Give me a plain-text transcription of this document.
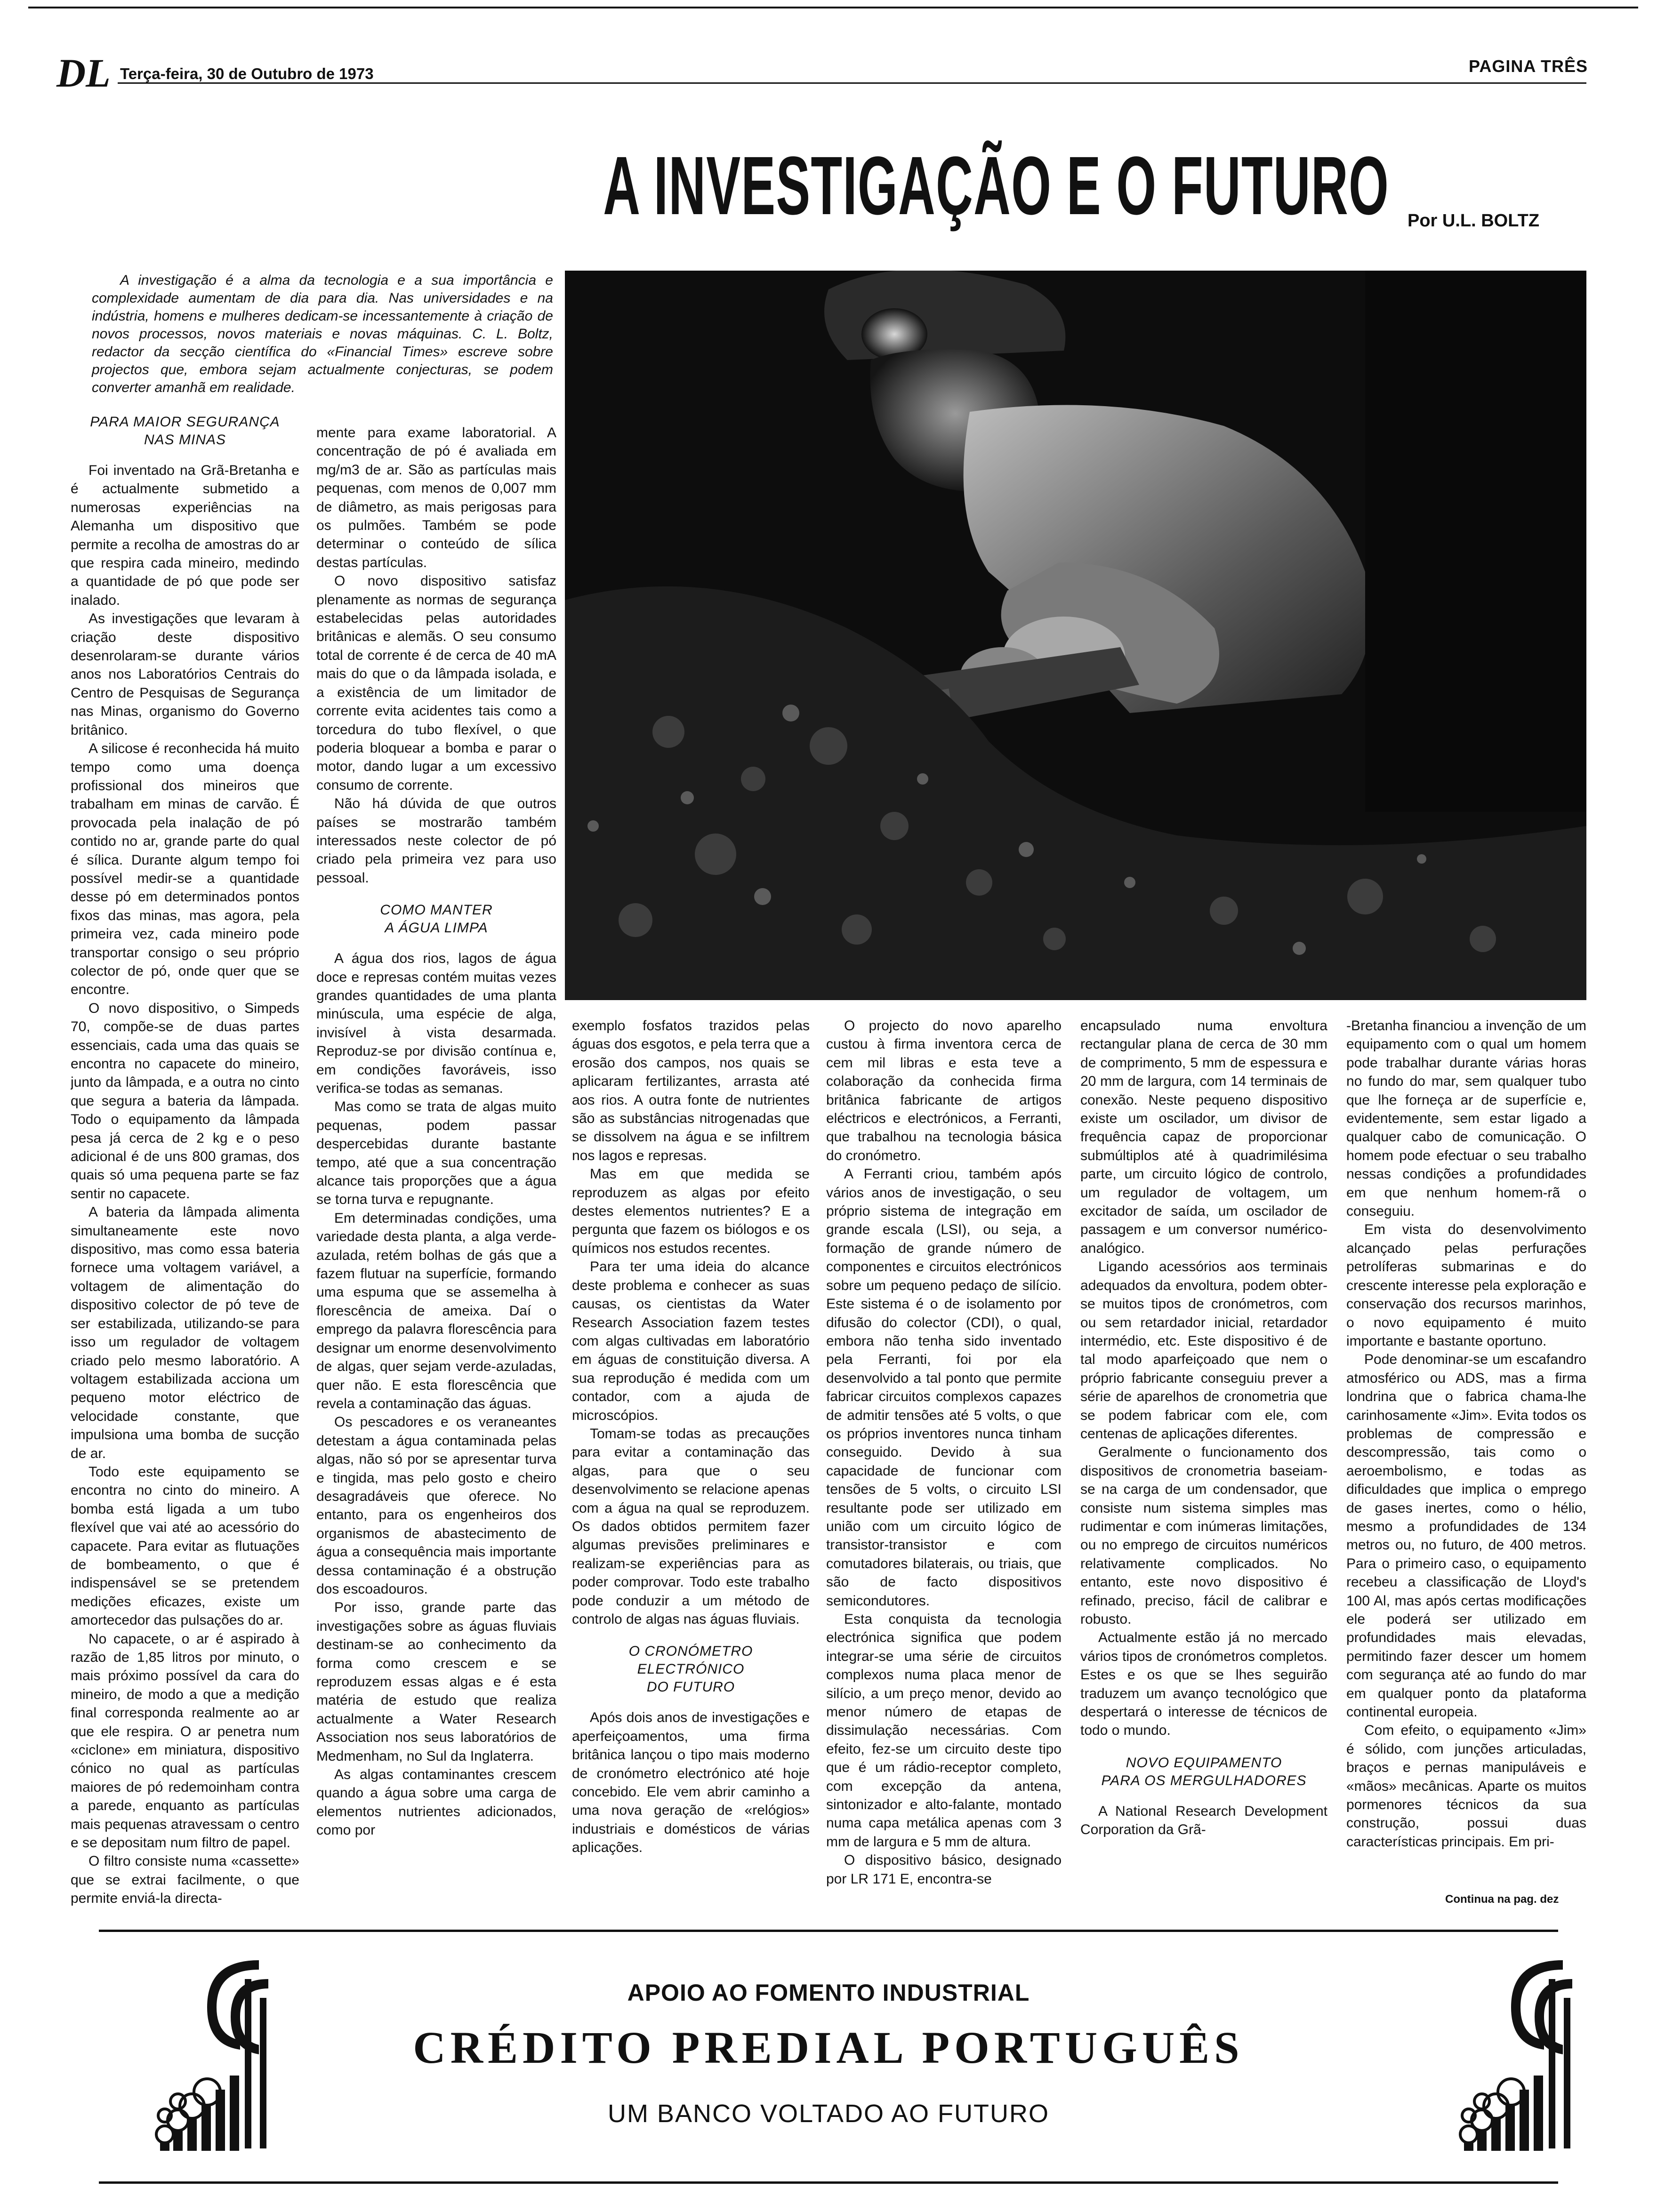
DL Terça-feira, 30 de Outubro de 1973	PAGINA TRÊS
A INVESTIGAÇÃO E O FUTURO Por U.L. BOLTZ
A investigação é a alma da tecnologia e a sua importância e complexidade aumentam de dia para dia. Nas universidades e na indústria, homens e mulheres dedicam-se incessantemente à criação de novos processos, novos materiais e novas máquinas. C. L. Boltz, redactor da secção científica do «Financial Times» escreve sobre projectos que, embora sejam actualmente conjecturas, se podem converter amanhã em realidade.
PARA MAIOR SEGURANÇA
NAS MINAS

Foi inventado na Grã-Bretanha e é actualmente submetido a numerosas experiências na Alemanha um dispositivo que permite a recolha de amostras do ar que respira cada mineiro, medindo a quantidade de pó que pode ser inalado.

As investigações que levaram à criação deste dispositivo desenrolaram-se durante vários anos nos Laboratórios Centrais do Centro de Pesquisas de Segurança nas Minas, organismo do Governo britânico.

A silicose é reconhecida há muito tempo como uma doença profissional dos mineiros que trabalham em minas de carvão. É provocada pela inalação de pó contido no ar, grande parte do qual é sílica. Durante algum tempo foi possível medir-se a quantidade desse pó em determinados pontos fixos das minas, mas agora, pela primeira vez, cada mineiro pode transportar consigo o seu próprio colector de pó, onde quer que se encontre.

O novo dispositivo, o Simpeds 70, compõe-se de duas partes essenciais, cada uma das quais se encontra no capacete do mineiro, junto da lâmpada, e a outra no cinto que segura a bateria da lâmpada. Todo o equipamento da lâmpada pesa já cerca de 2 kg e o peso adicional é de uns 800 gramas, dos quais só uma pequena parte se faz sentir no capacete.

A bateria da lâmpada alimenta simultaneamente este novo dispositivo, mas como essa bateria fornece uma voltagem variável, a voltagem de alimentação do dispositivo colector de pó teve de ser estabilizada, utilizando-se para isso um regulador de voltagem criado pelo mesmo laboratório. A voltagem estabilizada acciona um pequeno motor eléctrico de velocidade constante, que impulsiona uma bomba de sucção de ar.

Todo este equipamento se encontra no cinto do mineiro. A bomba está ligada a um tubo flexível que vai até ao acessório do capacete. Para evitar as flutuações de bombeamento, o que é indispensável se se pretendem medições eficazes, existe um amortecedor das pulsações do ar.

No capacete, o ar é aspirado à razão de 1,85 litros por minuto, o mais próximo possível da cara do mineiro, de modo a que a medição final corresponda realmente ao ar que ele respira. O ar penetra num «ciclone» em miniatura, dispositivo cónico no qual as partículas maiores de pó redemoinham contra a parede, enquanto as partículas mais pequenas atravessam o centro e se depositam num filtro de papel.

O filtro consiste numa «cassette» que se extrai facilmente, o que permite enviá-la directa-

mente para exame laboratorial. A concentração de pó é avaliada em mg/m3 de ar. São as partículas mais pequenas, com menos de 0,007 mm de diâmetro, as mais perigosas para os pulmões. Também se pode determinar o conteúdo de sílica destas partículas.

O novo dispositivo satisfaz plenamente as normas de segurança estabelecidas pelas autoridades britânicas e alemãs. O seu consumo total de corrente é de cerca de 40 mA mais do que o da lâmpada isolada, e a existência de um limitador de corrente evita acidentes tais como a torcedura do tubo flexível, o que poderia bloquear a bomba e parar o motor, dando lugar a um excessivo consumo de corrente.

Não há dúvida de que outros países se mostrarão também interessados neste colector de pó criado pela primeira vez para uso pessoal.

COMO MANTER
A ÁGUA LIMPA

A água dos rios, lagos de água doce e represas contém muitas vezes grandes quantidades de uma planta minúscula, uma espécie de alga, invisível à vista desarmada. Reproduz-se por divisão contínua e, em condições favoráveis, isso verifica-se todas as semanas.

Mas como se trata de algas muito pequenas, podem passar despercebidas durante bastante tempo, até que a sua concentração alcance tais proporções que a água se torna turva e repugnante.

Em determinadas condições, uma variedade desta planta, a alga verde-azulada, retém bolhas de gás que a fazem flutuar na superfície, formando uma espuma que se assemelha à florescência de ameixa. Daí o emprego da palavra florescência para designar um enorme desenvolvimento de algas, quer sejam verde-azuladas, quer não. E esta florescência que revela a contaminação das águas.

Os pescadores e os veraneantes detestam a água contaminada pelas algas, não só por se apresentar turva e tingida, mas pelo gosto e cheiro desagradáveis que oferece. No entanto, para os engenheiros dos organismos de abastecimento de água a consequência mais importante dessa contaminação é a obstrução dos escoadouros.

Por isso, grande parte das investigações sobre as águas fluviais destinam-se ao conhecimento da forma como crescem e se reproduzem essas algas e é esta matéria de estudo que realiza actualmente a Water Research Association nos seus laboratórios de Medmenham, no Sul da Inglaterra.

As algas contaminantes crescem quando a água sobre uma carga de elementos nutrientes adicionados, como por

exemplo fosfatos trazidos pelas águas dos esgotos, e pela terra que a erosão dos campos, nos quais se aplicaram fertilizantes, arrasta até aos rios. A outra fonte de nutrientes são as substâncias nitrogenadas que se dissolvem na água e se infiltrem nos lagos e represas.

Mas em que medida se reproduzem as algas por efeito destes elementos nutrientes? E a pergunta que fazem os biólogos e os químicos nos estudos recentes.

Para ter uma ideia do alcance deste problema e conhecer as suas causas, os cientistas da Water Research Association fazem testes com algas cultivadas em laboratório em águas de constituição diversa. A sua reprodução é medida com um contador, com a ajuda de microscópios.

Tomam-se todas as precauções para evitar a contaminação das algas, para que o seu desenvolvimento se relacione apenas com a água na qual se reproduzem. Os dados obtidos permitem fazer algumas previsões preliminares e realizam-se experiências para as poder comprovar. Todo este trabalho pode conduzir a um método de controlo de algas nas águas fluviais.

O CRONÓMETRO
ELECTRÓNICO
DO FUTURO

Após dois anos de investigações e aperfeiçoamentos, uma firma britânica lançou o tipo mais moderno de cronómetro electrónico até hoje concebido. Ele vem abrir caminho a uma nova geração de «relógios» industriais e domésticos de várias aplicações.

O projecto do novo aparelho custou à firma inventora cerca de cem mil libras e esta teve a colaboração da conhecida firma britânica fabricante de artigos eléctricos e electrónicos, a Ferranti, que trabalhou na tecnologia básica do cronómetro.

A Ferranti criou, também após vários anos de investigação, o seu próprio sistema de integração em grande escala (LSI), ou seja, a formação de grande número de componentes e circuitos electrónicos sobre um pequeno pedaço de silício. Este sistema é o de isolamento por difusão do colector (CDI), o qual, embora não tenha sido inventado pela Ferranti, foi por ela desenvolvido a tal ponto que permite fabricar circuitos complexos capazes de admitir tensões até 5 volts, o que os próprios inventores nunca tinham conseguido. Devido à sua capacidade de funcionar com tensões de 5 volts, o circuito LSI resultante pode ser utilizado em união com um circuito lógico de transistor-transistor e com comutadores bilaterais, ou triais, que são de facto dispositivos semicondutores.

Esta conquista da tecnologia electrónica significa que podem integrar-se uma série de circuitos complexos numa placa menor de silício, a um preço menor, devido ao menor número de etapas de dissimulação necessárias. Com efeito, fez-se um circuito deste tipo que é um rádio-receptor completo, com excepção da antena, sintonizador e alto-falante, montado numa capa metálica apenas com 3 mm de largura e 5 mm de altura.

O dispositivo básico, designado por LR 171 E, encontra-se

encapsulado numa envoltura rectangular plana de cerca de 30 mm de comprimento, 5 mm de espessura e 20 mm de largura, com 14 terminais de conexão. Neste pequeno dispositivo existe um oscilador, um divisor de frequência capaz de proporcionar submúltiplos até à quadrimilésima parte, um circuito lógico de controlo, um regulador de voltagem, um excitador de saída, um oscilador de passagem e um conversor numérico-analógico.

Ligando acessórios aos terminais adequados da envoltura, podem obter-se muitos tipos de cronómetros, com ou sem retardador inicial, retardador intermédio, etc. Este dispositivo é de tal modo aparfeiçoado que nem o próprio fabricante conseguiu prever a série de aparelhos de cronometria que se podem fabricar com ele, com centenas de aplicações diferentes.

Geralmente o funcionamento dos dispositivos de cronometria baseiam-se na carga de um condensador, que consiste num sistema simples mas rudimentar e com inúmeras limitações, ou no emprego de circuitos numéricos relativamente complicados. No entanto, este novo dispositivo é refinado, preciso, fácil de calibrar e robusto.

Actualmente estão já no mercado vários tipos de cronómetros completos. Estes e os que se lhes seguirão traduzem um avanço tecnológico que despertará o interesse de técnicos de todo o mundo.

NOVO EQUIPAMENTO
PARA OS MERGULHADORES

A National Research Development Corporation da Grã-

-Bretanha financiou a invenção de um equipamento com o qual um homem pode trabalhar durante várias horas no fundo do mar, sem qualquer tubo que lhe forneça ar de superfície e, evidentemente, sem estar ligado a qualquer cabo de comunicação. O homem pode efectuar o seu trabalho nessas condições a profundidades em que nenhum homem-rã o conseguiu.

Em vista do desenvolvimento alcançado pelas perfurações petrolíferas submarinas e do crescente interesse pela exploração e conservação dos recursos marinhos, o novo equipamento é muito importante e bastante oportuno.

Pode denominar-se um escafandro atmosférico ou ADS, mas a firma londrina que o fabrica chama-lhe carinhosamente «Jim». Evita todos os problemas de compressão e descompressão, tais como o aeroembolismo, e todas as dificuldades que implica o emprego de gases inertes, como o hélio, mesmo a profundidades de 134 metros ou, no futuro, de 400 metros. Para o primeiro caso, o equipamento recebeu a classificação de Lloyd's 100 Al, mas após certas modificações ele poderá ser utilizado em profundidades mais elevadas, permitindo fazer descer um homem com segurança até ao fundo do mar em qualquer ponto da plataforma continental europeia.

Com efeito, o equipamento «Jim» é sólido, com junções articuladas, braços e pernas manipuláveis e «mãos» mecânicas. Aparte os muitos pormenores técnicos da sua construção, possui duas características principais. Em pri-

Continua na pag. dez
APOIO AO FOMENTO INDUSTRIAL
CRÉDITO PREDIAL PORTUGUÊS
UM BANCO VOLTADO AO FUTURO
